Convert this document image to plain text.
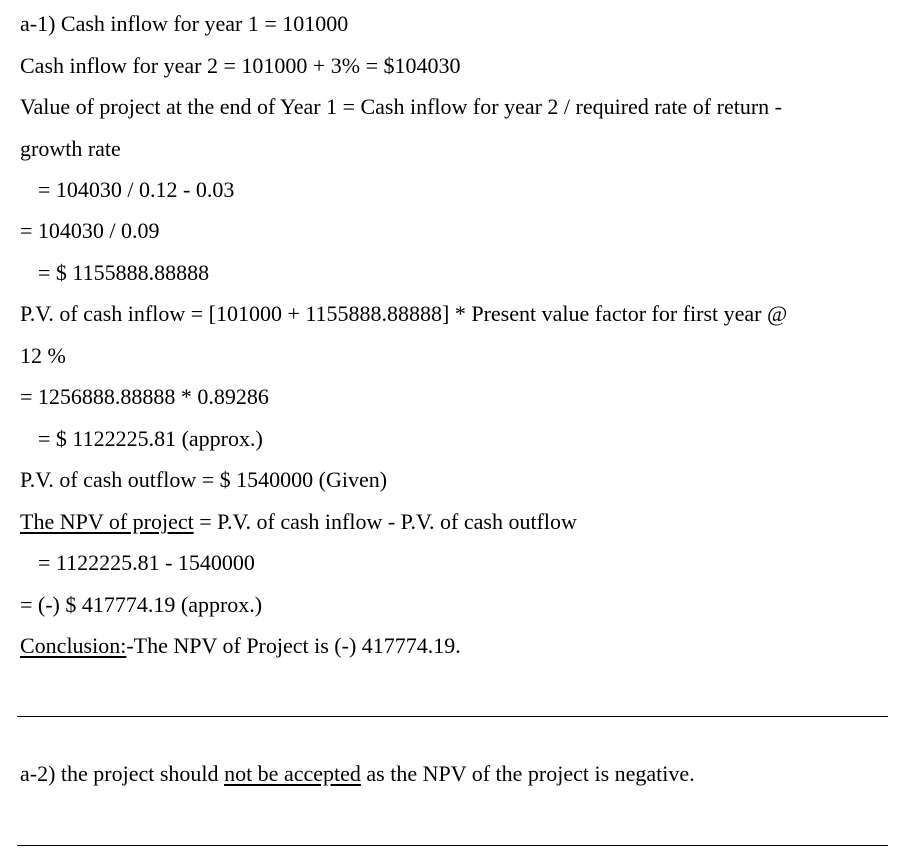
a-1) Cash inflow for year 1 = 101000
Cash inflow for year 2 = 101000 + 3% = $104030
Value of project at the end of Year 1 = Cash inflow for year 2 / required rate of return -
growth rate
= 104030 / 0.12 - 0.03
= 104030 / 0.09
= $ 1155888.88888
P.V. of cash inflow = [101000 + 1155888.88888] * Present value factor for first year @
12 %
= 1256888.88888 * 0.89286
= $ 1122225.81 (approx.)
P.V. of cash outflow = $ 1540000 (Given)
The NPV of project = P.V. of cash inflow - P.V. of cash outflow
= 1122225.81 - 1540000
= (-) $ 417774.19 (approx.)
Conclusion:-The NPV of Project is (-) 417774.19.
a-2) the project should not be accepted as the NPV of the project is negative.
